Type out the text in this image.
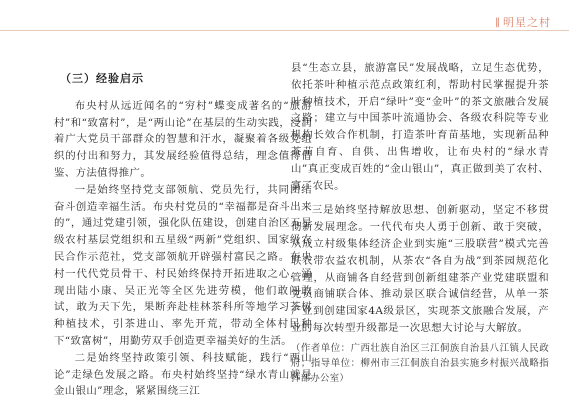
‖ 明星之村
（三）经验启示

布央村从远近闻名的“穷村”蝶变成著名的“旅游村”和“致富村”，是“两山论”在基层的生动实践，浸润着广大党员干部群众的智慧和汗水，凝聚着各级党组织的付出和努力，其发展经验值得总结，理念值得借鉴、方法值得推广。

一是始终坚持党支部领航、党员先行，共同团结奋斗创造幸福生活。布央村党员的“幸福都是奋斗出来的”，通过党建引领，强化队伍建设，创建自治区五星级农村基层党组织和五星级“两新”党组织、国家级农民合作示范社，党支部领航开辟强村富民之路。布央村一代代党员骨干、村民始终保持开拓进取之心，涌现出陆小康、吴正光等全区先进劳模，他们敢闯敢试，敢为天下先，果断奔赴桂林茶科所等地学习茶树种植技术，引茶进山、率先开荒，带动全体村民种下“致富树”，用勤劳双手创造更幸福美好的生活。

二是始终坚持政策引领、科技赋能，践行“两山论”走绿色发展之路。布央村始终坚持“绿水青山就是金山银山”理念，紧紧围绕三江

县“生态立县，旅游富民”发展战略，立足生态优势，依托茶叶种植示范点政策红利，帮助村民掌握提升茶叶种植技术，开启“绿叶”变“金叶”的茶文旅融合发展之路；建立与中国茶叶流通协会、各级农科院等专业机构长效合作机制，打造茶叶育苗基地，实现新品种茶苗自育、自供、出售增收，让布央村的“绿水青山”真正变成百姓的“金山银山”，真正做到美了农村、富了农民。

三是始终坚持解放思想、创新驱动，坚定不移贯彻新发展理念。一代代布央人勇于创新、敢于突破，从成立村级集体经济企业到实施“三股联营”模式完善联农带农益农机制，从茶农“各自为战”到茶园规范化管理，从商铺各自经营到创新组建茶产业党建联盟和党员商铺联合体、推动景区联合诚信经营，从单一茶产业到创建国家4A级景区，实现茶文旅融合发展，产业的每次转型升级都是一次思想大讨论与大解放。

（作者单位：广西壮族自治区三江侗族自治县八江镇人民政府；指导单位：柳州市三江侗族自治县实施乡村振兴战略指挥部办公室）
